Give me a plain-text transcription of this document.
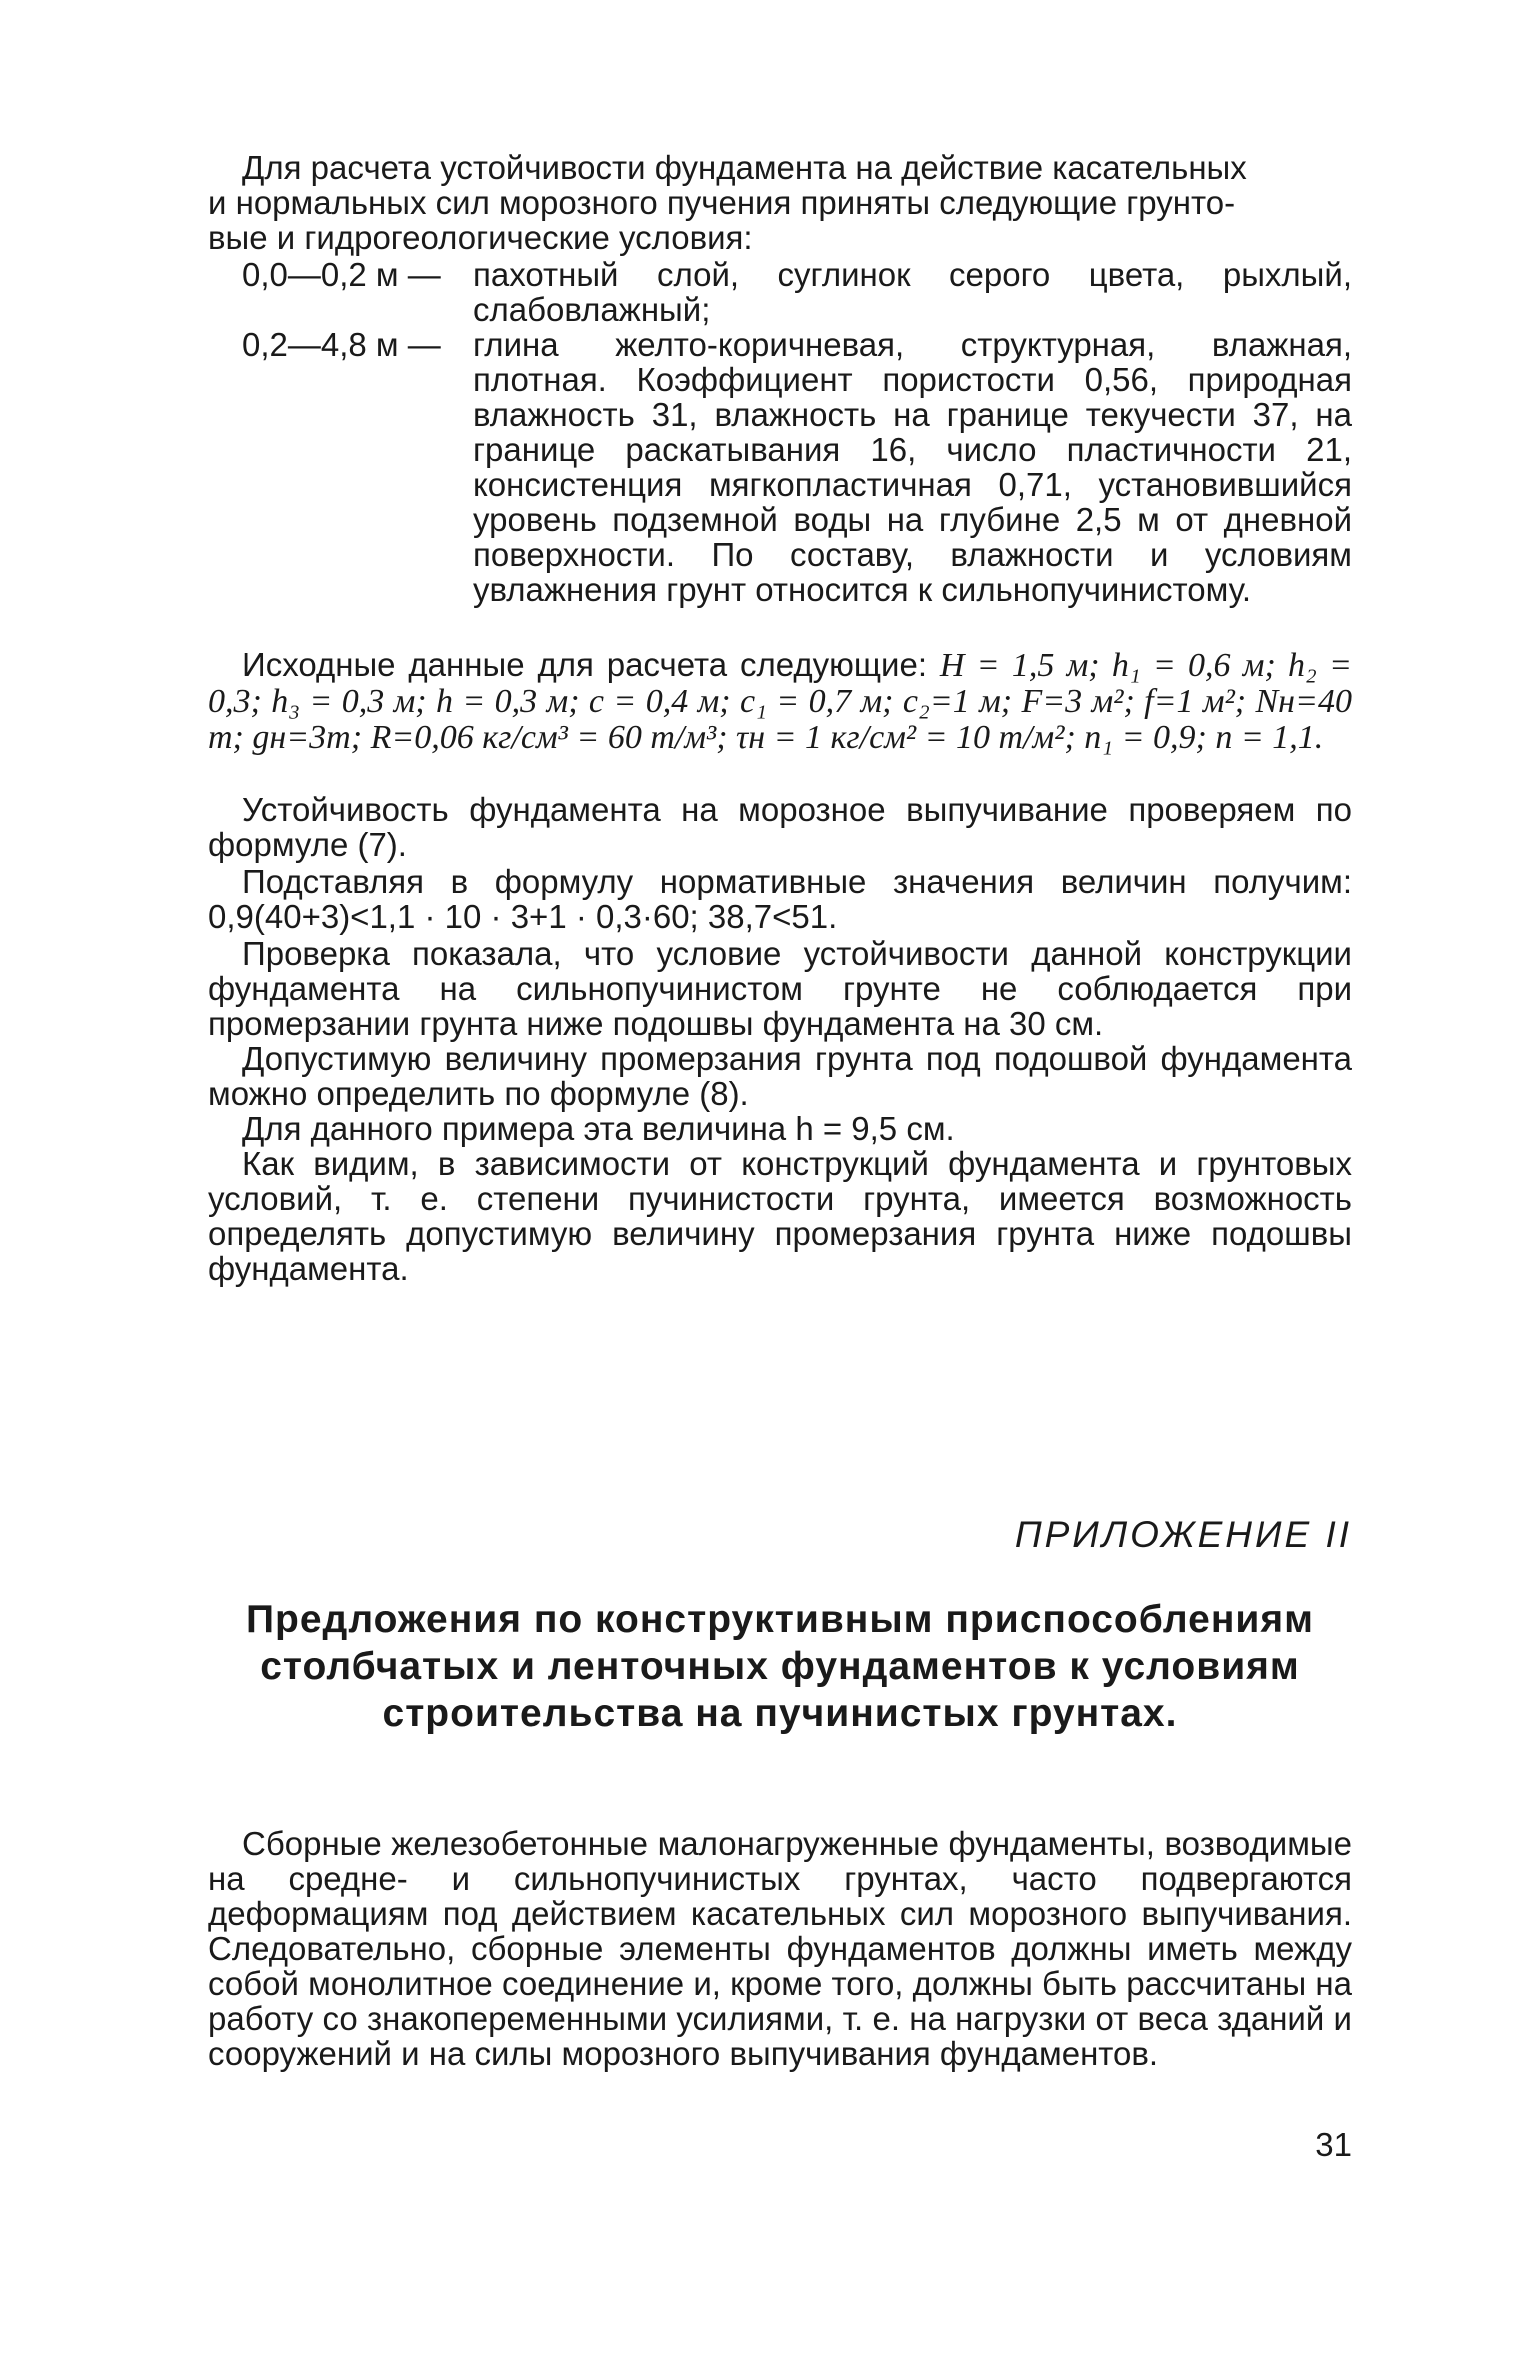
Для расчета устойчивости фундамента на действие касательных

и нормальных сил морозного пучения приняты следующие грунто-

вые и гидрогеологические условия:

0,0—0,2 м — пахотный слой, суглинок серого цвета, рыхлый, слабовлажный;
0,2—4,8 м — глина желто-коричневая, структурная, влажная, плотная. Коэффициент пористости 0,56, природная влажность 31, влажность на границе текучести 37, на границе раскатывания 16, число пластичности 21, консистенция мягкопластичная 0,71, установившийся уровень подземной воды на глубине 2,5 м от дневной поверхности. По составу, влажности и условиям увлажнения грунт относится к сильнопучинистому.

Исходные данные для расчета следующие: H = 1,5 м; h₁ = 0,6 м; h₂ = 0,3; h₃ = 0,3 м; h = 0,3 м; c = 0,4 м; c₁ = 0,7 м; c₂=1 м; F=3 м²; f=1 м²; Nн=40 т; gн=3т; R=0,06 кг/см³ = 60 т/м³; τн = 1 кг/см² = 10 т/м²; n₁ = 0,9; n = 1,1.

Устойчивость фундамента на морозное выпучивание проверяем по формуле (7).

Подставляя в формулу нормативные значения величин получим: 0,9(40+3)<1,1 · 10 · 3+1 · 0,3·60; 38,7<51.

Проверка показала, что условие устойчивости данной конструкции фундамента на сильнопучинистом грунте не соблюдается при промерзании грунта ниже подошвы фундамента на 30 см.

Допустимую величину промерзания грунта под подошвой фундамента можно определить по формуле (8).

Для данного примера эта величина h = 9,5 см.

Как видим, в зависимости от конструкций фундамента и грунтовых условий, т. е. степени пучинистости грунта, имеется возможность определять допустимую величину промерзания грунта ниже подошвы фундамента.

ПРИЛОЖЕНИЕ II
Предложения по конструктивным приспособлениям
столбчатых и ленточных фундаментов к условиям
строительства на пучинистых грунтах.

Сборные железобетонные малонагруженные фундаменты, возводимые на средне- и сильнопучинистых грунтах, часто подвергаются деформациям под действием касательных сил морозного выпучивания. Следовательно, сборные элементы фундаментов должны иметь между собой монолитное соединение и, кроме того, должны быть рассчитаны на работу со знакопеременными усилиями, т. е. на нагрузки от веса зданий и сооружений и на силы морозного выпучивания фундаментов.

31
